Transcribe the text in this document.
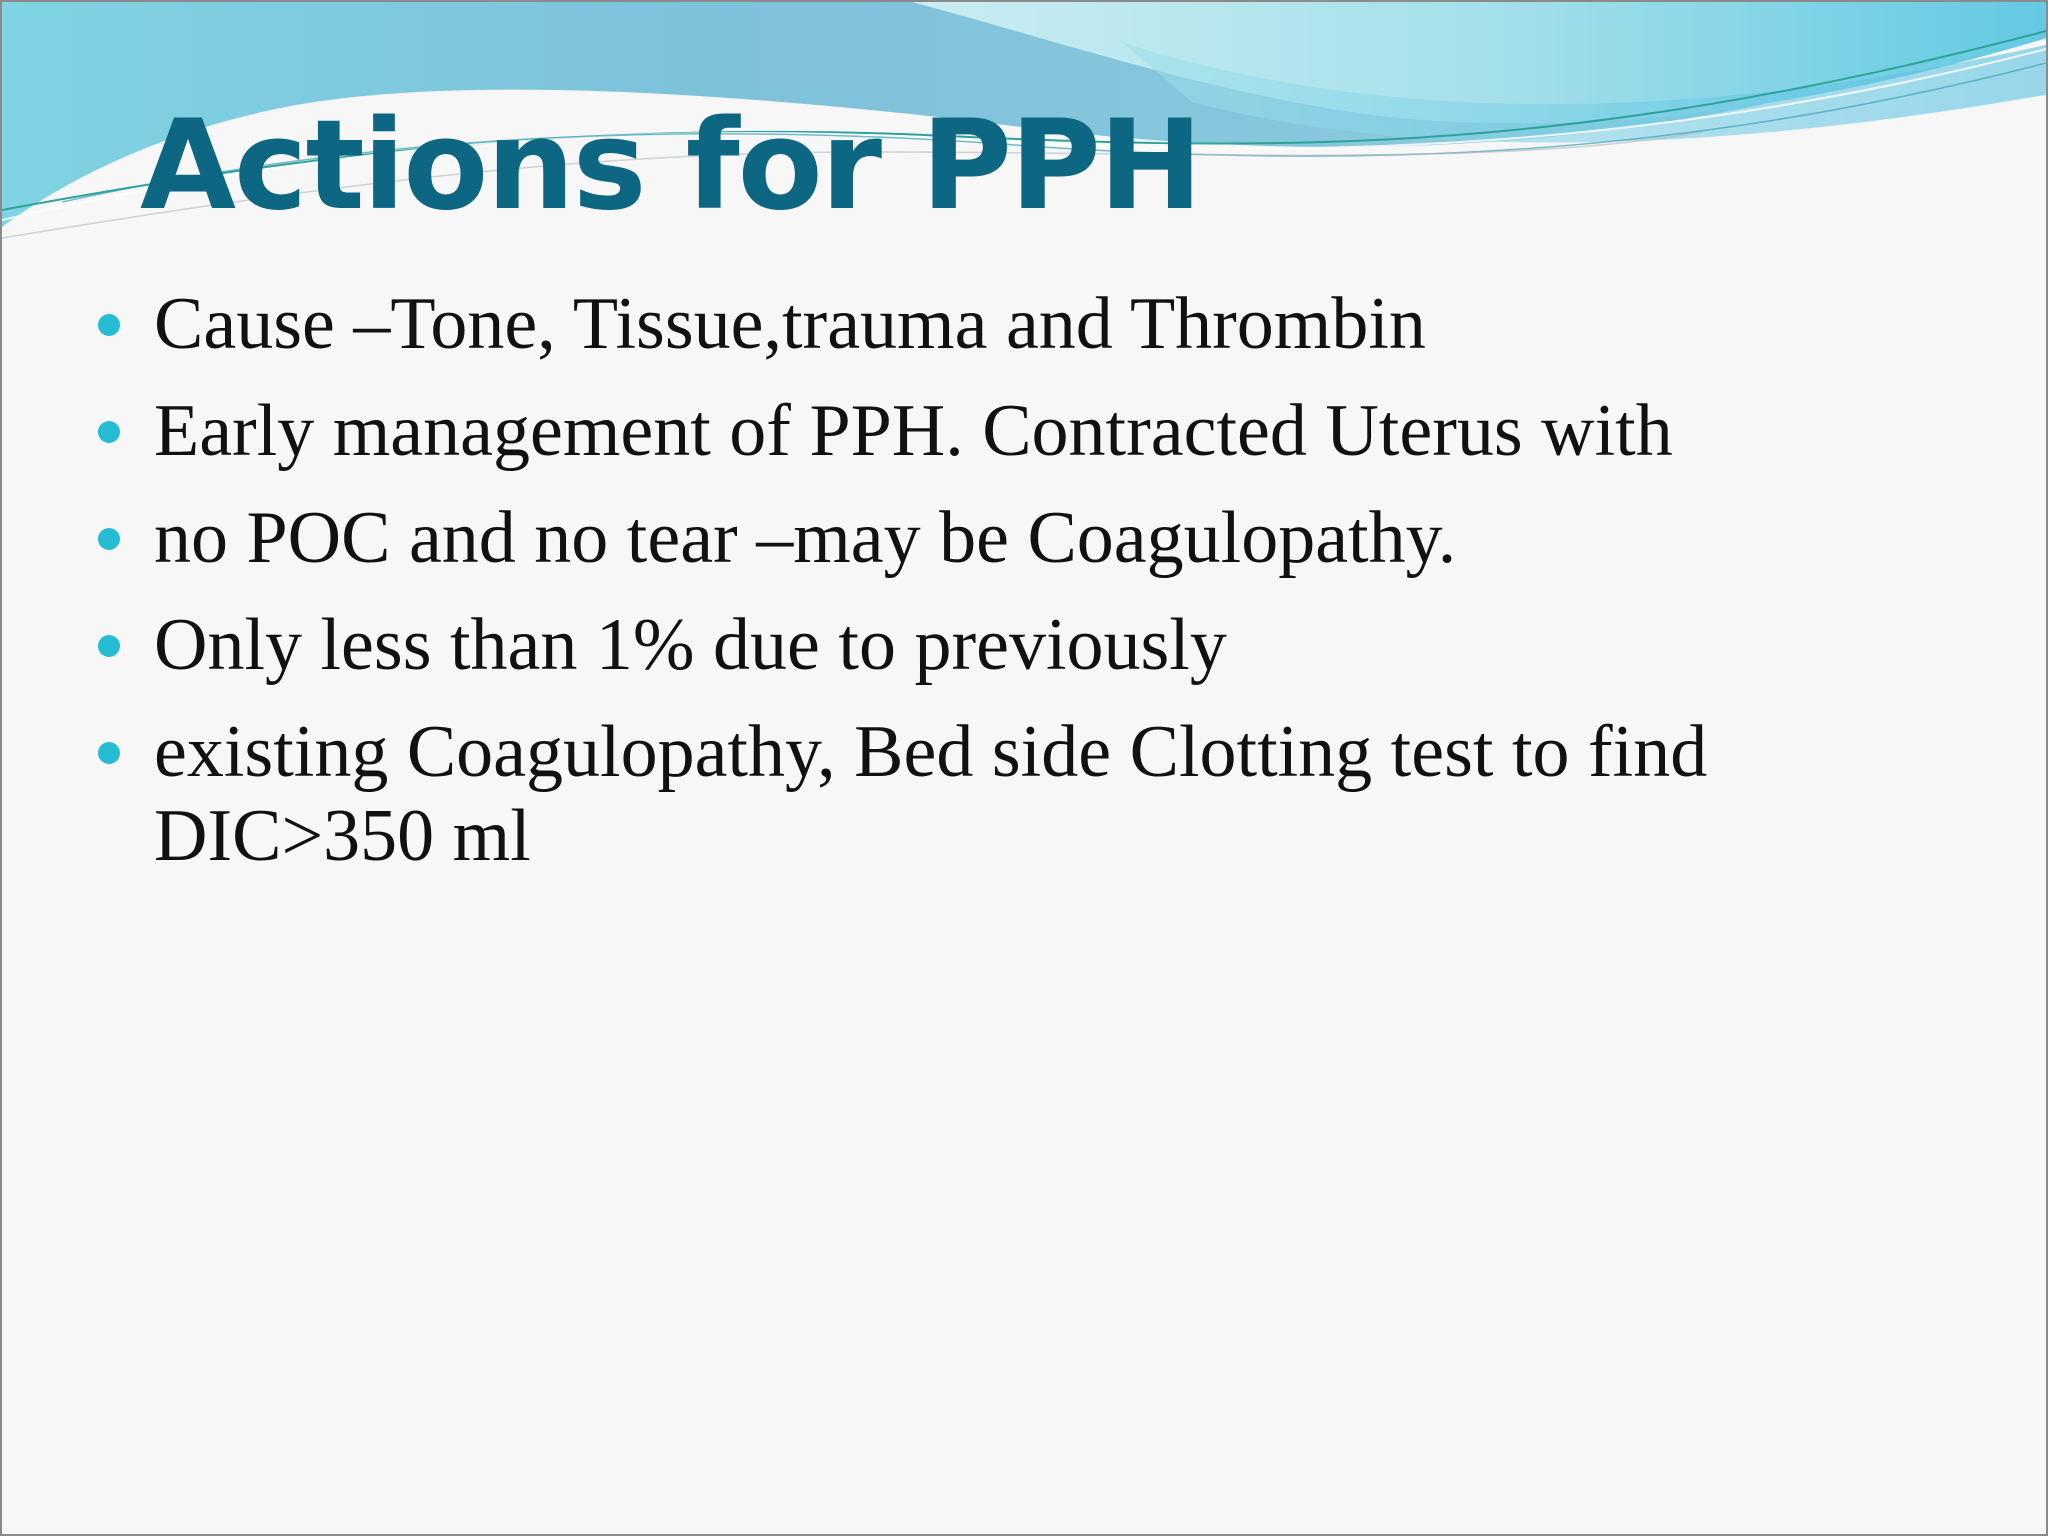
Actions for PPH
Cause –Tone, Tissue,trauma and Thrombin
Early management of PPH. Contracted Uterus with
no POC and no tear –may be Coagulopathy.
Only less than 1% due to previously
existing Coagulopathy, Bed side Clotting test to find DIC>350 ml
